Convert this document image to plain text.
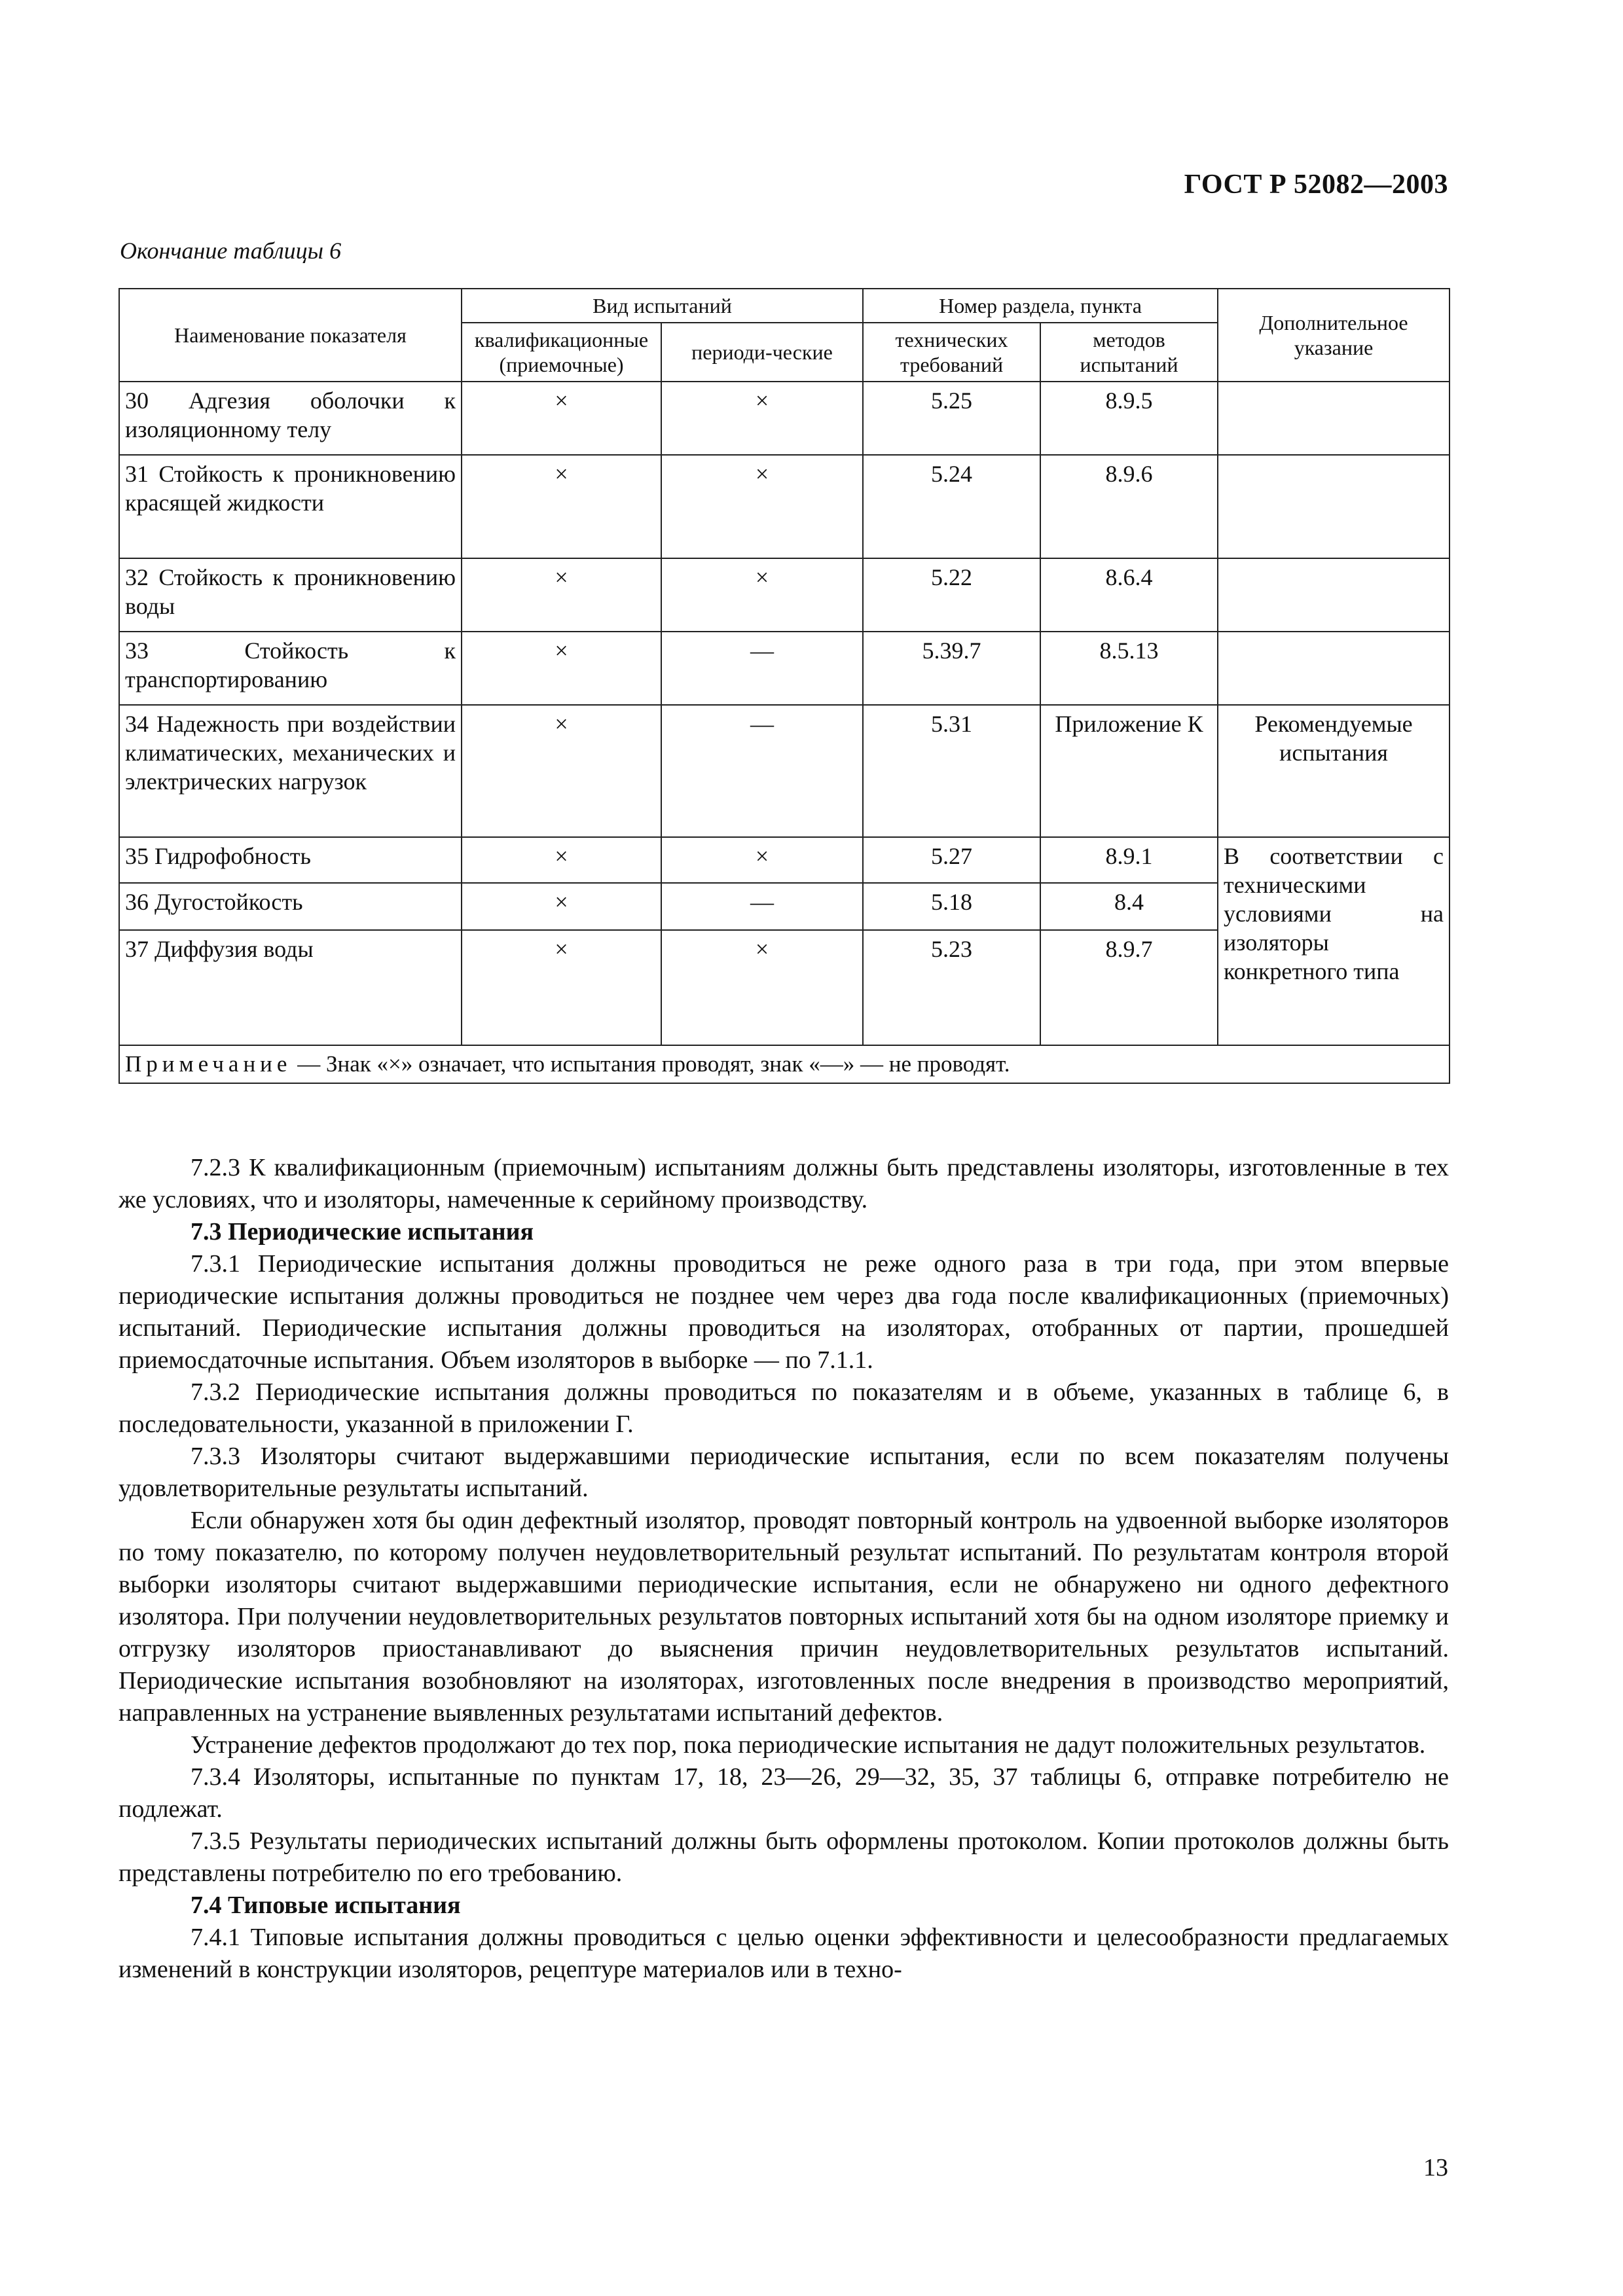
ГОСТ Р 52082—2003
Окончание таблицы 6
Наименование показателя	Вид испытаний		Номер раздела, пункта		Дополнительное указание
	квалификационные (приемочные)	периоди-ческие	технических требований	методов испытаний	
30 Адгезия оболочки к изоляционному телу	×	×	5.25	8.9.5	
31 Стойкость к проникновению красящей жидкости	×	×	5.24	8.9.6	
32 Стойкость к проникновению воды	×	×	5.22	8.6.4	
33 Стойкость к транспортированию	×	—	5.39.7	8.5.13	
34 Надежность при воздействии климатических, механических и электрических нагрузок	×	—	5.31	Приложение К	Рекомендуемые испытания
35 Гидрофобность	×	×	5.27	8.9.1	В соответствии с техническими условиями на изоляторы конкретного типа
36 Дугостойкость	×	—	5.18	8.4	
37 Диффузия воды	×	×	5.23	8.9.7	
Примечание — Знак «×» означает, что испытания проводят, знак «—» — не проводят.					

7.2.3 К квалификационным (приемочным) испытаниям должны быть представлены изоляторы, изготовленные в тех же условиях, что и изоляторы, намеченные к серийному производству.

7.3 Периодические испытания

7.3.1 Периодические испытания должны проводиться не реже одного раза в три года, при этом впервые периодические испытания должны проводиться не позднее чем через два года после квалификационных (приемочных) испытаний. Периодические испытания должны проводиться на изоляторах, отобранных от партии, прошедшей приемосдаточные испытания. Объем изоляторов в выборке — по 7.1.1.

7.3.2 Периодические испытания должны проводиться по показателям и в объеме, указанных в таблице 6, в последовательности, указанной в приложении Г.

7.3.3 Изоляторы считают выдержавшими периодические испытания, если по всем показателям получены удовлетворительные результаты испытаний.

Если обнаружен хотя бы один дефектный изолятор, проводят повторный контроль на удвоенной выборке изоляторов по тому показателю, по которому получен неудовлетворительный результат испытаний. По результатам контроля второй выборки изоляторы считают выдержавшими периодические испытания, если не обнаружено ни одного дефектного изолятора. При получении неудовлетворительных результатов повторных испытаний хотя бы на одном изоляторе приемку и отгрузку изоляторов приостанавливают до выяснения причин неудовлетворительных результатов испытаний. Периодические испытания возобновляют на изоляторах, изготовленных после внедрения в производство мероприятий, направленных на устранение выявленных результатами испытаний дефектов.

Устранение дефектов продолжают до тех пор, пока периодические испытания не дадут положительных результатов.

7.3.4 Изоляторы, испытанные по пунктам 17, 18, 23—26, 29—32, 35, 37 таблицы 6, отправке потребителю не подлежат.

7.3.5 Результаты периодических испытаний должны быть оформлены протоколом. Копии протоколов должны быть представлены потребителю по его требованию.

7.4 Типовые испытания

7.4.1 Типовые испытания должны проводиться с целью оценки эффективности и целесообразности предлагаемых изменений в конструкции изоляторов, рецептуре материалов или в техно-

13
